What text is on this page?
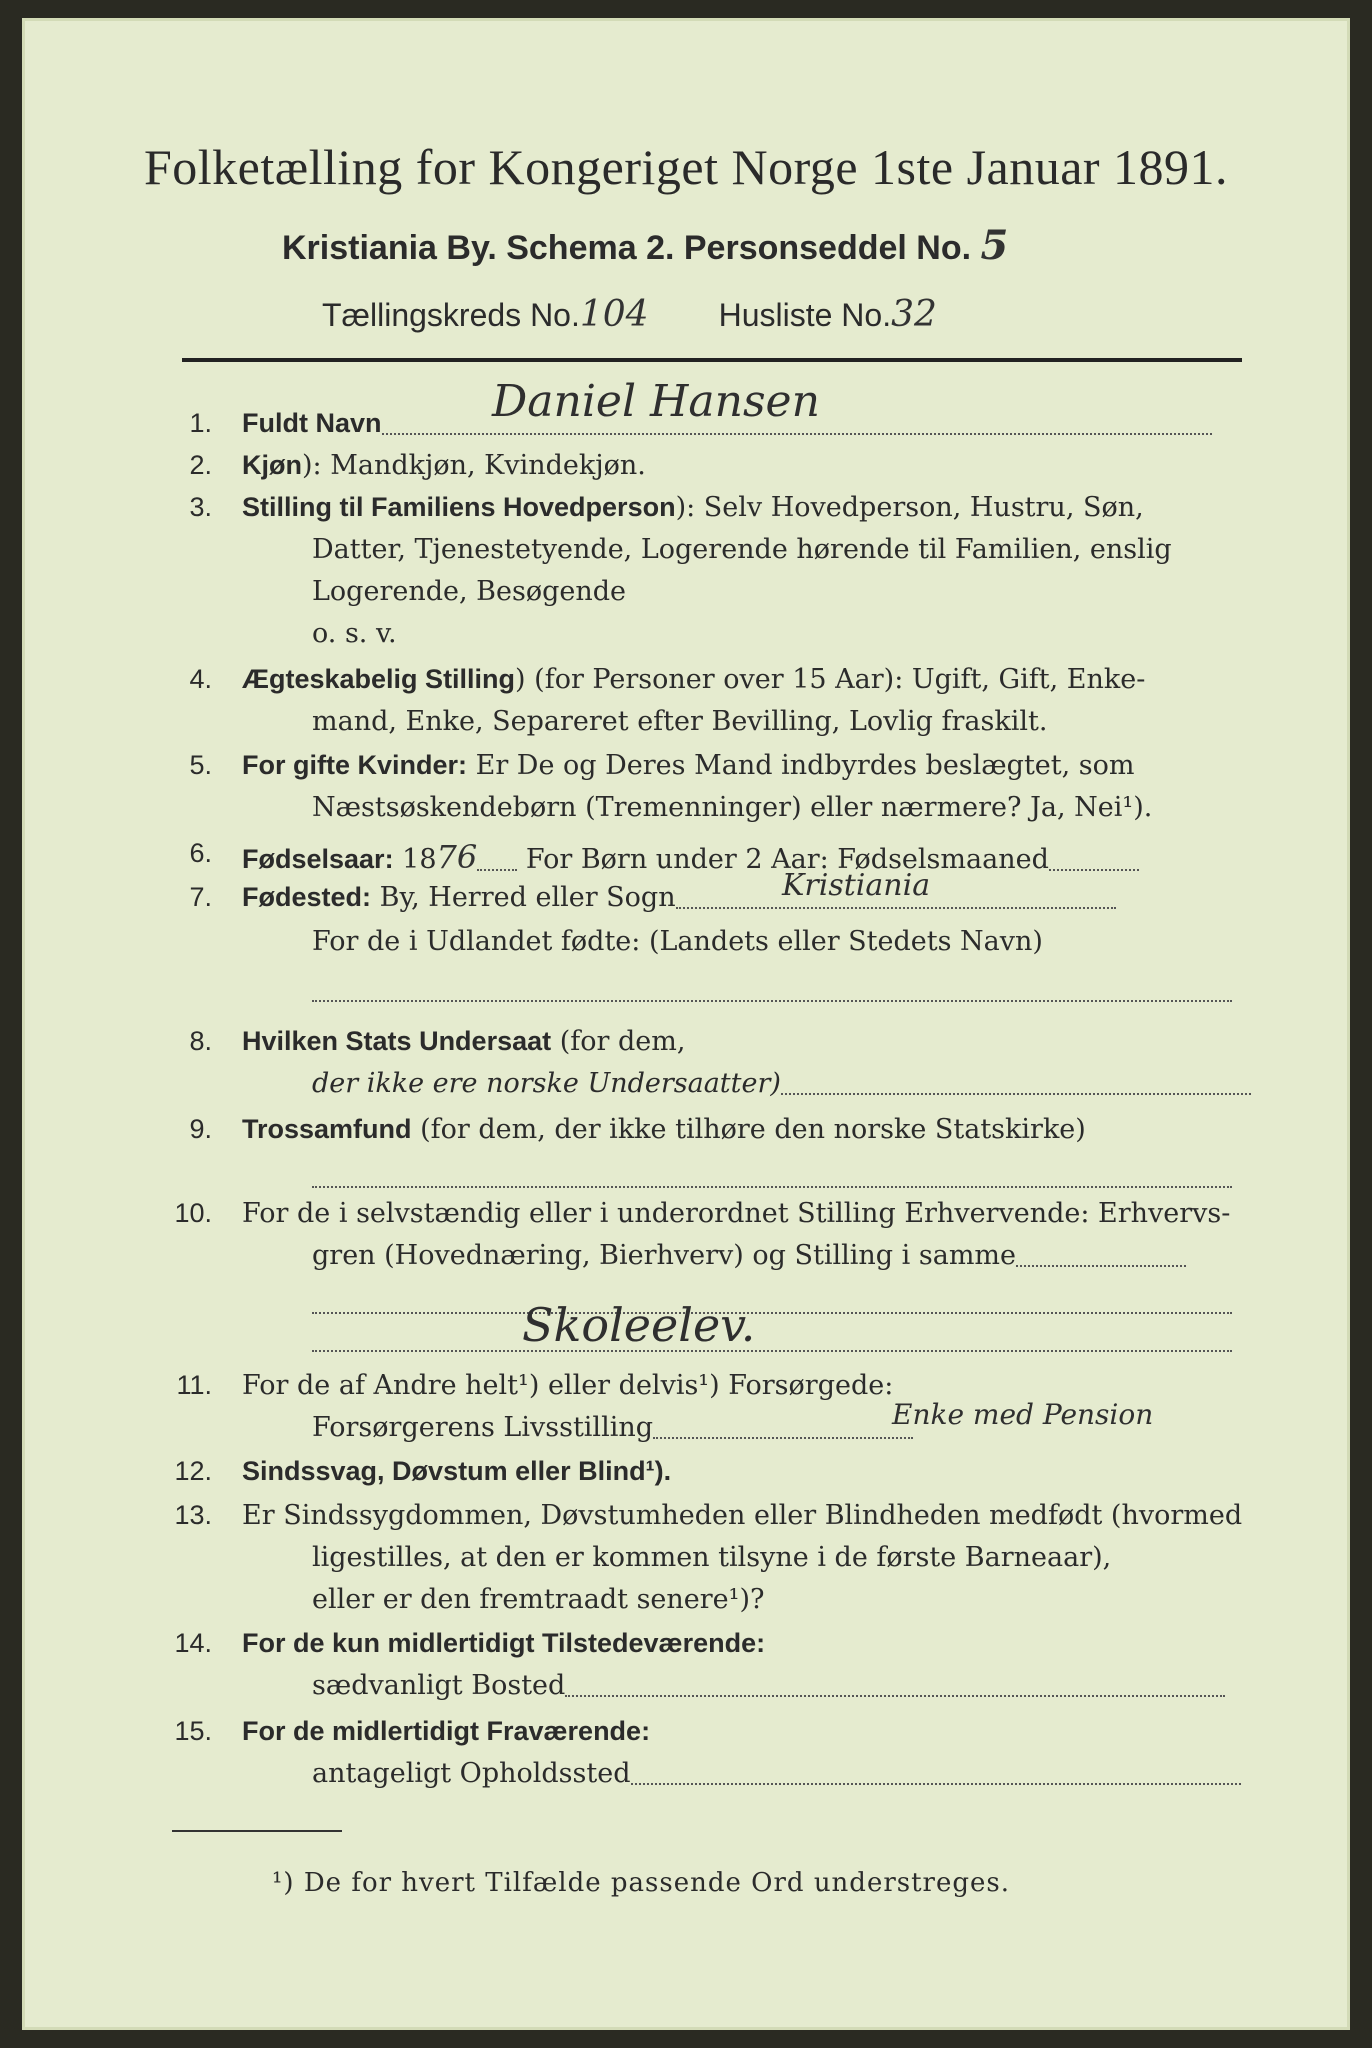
Folketælling for Kongeriget Norge 1ste Januar 1891.
Kristiania By. Schema 2. Personseddel No. 5
Tællingskreds No.104 Husliste No.32
1. Fuldt Navn	Daniel Hansen
2. Kjøn): Mandkjøn, Kvindekjøn.
3. Stilling til Familiens Hovedperson): Selv Hovedperson, Hustru, Søn,
Datter, Tjenestetyende, Logerende hørende til Familien, enslig
Logerende, Besøgende
o. s. v.
4. Ægteskabelig Stilling) (for Personer over 15 Aar): Ugift, Gift, Enke-
mand, Enke, Separeret efter Bevilling, Lovlig fraskilt.
5. For gifte Kvinder: Er De og Deres Mand indbyrdes beslægtet, som
Næstsøskendebørn (Tremenninger) eller nærmere? Ja, Nei¹).
6. Fødselsaar: 1876 For Børn under 2 Aar: Fødselsmaaned
7. Fødested: By, Herred eller Sogn	Kristiania
For de i Udlandet fødte: (Landets eller Stedets Navn)
8. Hvilken Stats Undersaat (for dem,
der ikke ere norske Undersaatter)
9. Trossamfund (for dem, der ikke tilhøre den norske Statskirke)
10. For de i selvstændig eller i underordnet Stilling Erhvervende: Erhvervs-
gren (Hovednæring, Bierhverv) og Stilling i samme
Skoleelev.
11. For de af Andre helt¹) eller delvis¹) Forsørgede:
Forsørgerens Livsstilling	Enke med Pension
12. Sindssvag, Døvstum eller Blind¹).
13. Er Sindssygdommen, Døvstumheden eller Blindheden medfødt (hvormed
ligestilles, at den er kommen tilsyne i de første Barneaar),
eller er den fremtraadt senere¹)?
14. For de kun midlertidigt Tilstedeværende:
sædvanligt Bosted
15. For de midlertidigt Fraværende:
antageligt Opholdssted
¹) De for hvert Tilfælde passende Ord understreges.
